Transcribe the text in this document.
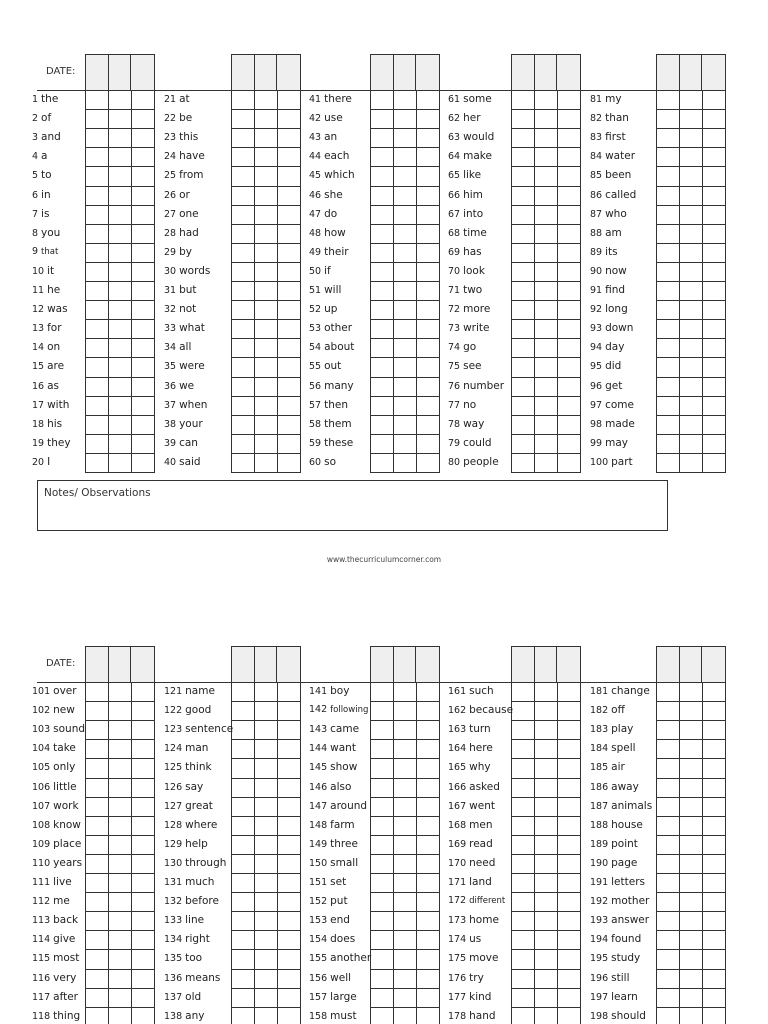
DATE:
Notes/ Observations
www.thecurriculumcorner.com
1 the
2 of
3 and
4 a
5 to
6 in
7 is
8 you
9 that
10 it
11 he
12 was
13 for
14 on
15 are
16 as
17 with
18 his
19 they
20 I
21 at
22 be
23 this
24 have
25 from
26 or
27 one
28 had
29 by
30 words
31 but
32 not
33 what
34 all
35 were
36 we
37 when
38 your
39 can
40 said
41 there
42 use
43 an
44 each
45 which
46 she
47 do
48 how
49 their
50 if
51 will
52 up
53 other
54 about
55 out
56 many
57 then
58 them
59 these
60 so
61 some
62 her
63 would
64 make
65 like
66 him
67 into
68 time
69 has
70 look
71 two
72 more
73 write
74 go
75 see
76 number
77 no
78 way
79 could
80 people
81 my
82 than
83 first
84 water
85 been
86 called
87 who
88 am
89 its
90 now
91 find
92 long
93 down
94 day
95 did
96 get
97 come
98 made
99 may
100 part
DATE:
101 over
102 new
103 sound
104 take
105 only
106 little
107 work
108 know
109 place
110 years
111 live
112 me
113 back
114 give
115 most
116 very
117 after
118 thing
121 name
122 good
123 sentence
124 man
125 think
126 say
127 great
128 where
129 help
130 through
131 much
132 before
133 line
134 right
135 too
136 means
137 old
138 any
141 boy
142 following
143 came
144 want
145 show
146 also
147 around
148 farm
149 three
150 small
151 set
152 put
153 end
154 does
155 another
156 well
157 large
158 must
161 such
162 because
163 turn
164 here
165 why
166 asked
167 went
168 men
169 read
170 need
171 land
172 different
173 home
174 us
175 move
176 try
177 kind
178 hand
181 change
182 off
183 play
184 spell
185 air
186 away
187 animals
188 house
189 point
190 page
191 letters
192 mother
193 answer
194 found
195 study
196 still
197 learn
198 should
